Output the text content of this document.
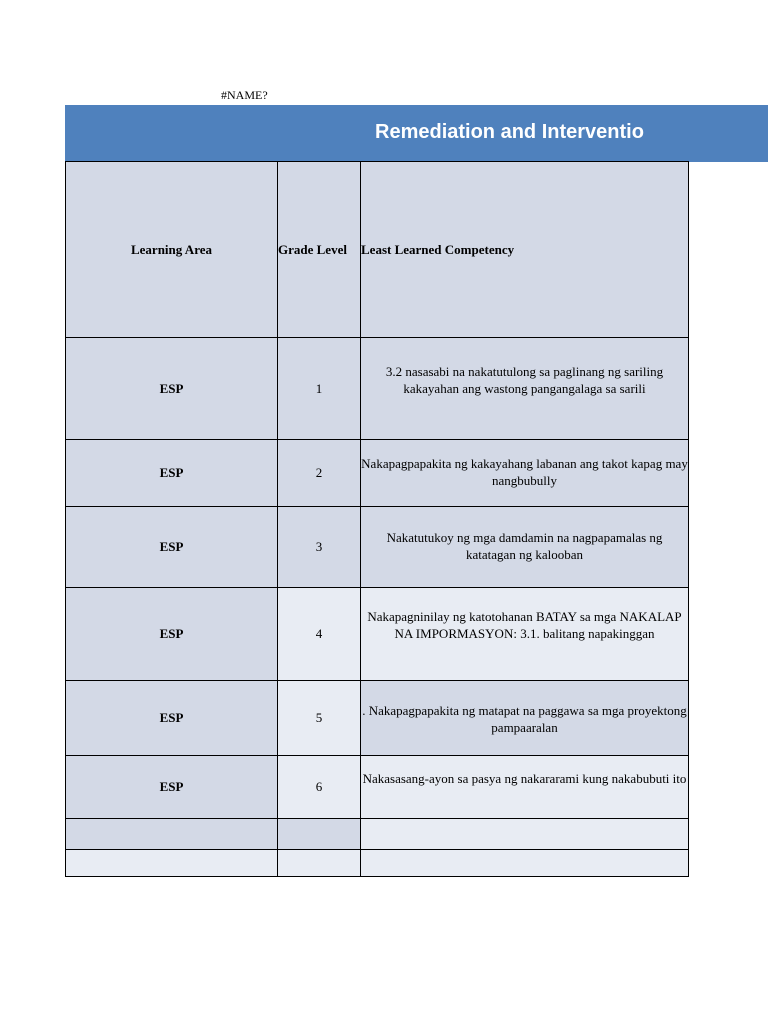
#NAME?
Remediation and Interventio
Learning Area	Grade Level	Least Learned Competency
ESP	1	3.2 nasasabi na nakatutulong sa paglinang ng sariling kakayahan ang wastong pangangalaga sa sarili

ESP	2	Nakapagpapakita ng kakayahang labanan ang takot kapag may nangbubully

ESP	3	Nakatutukoy ng mga damdamin na nagpapamalas ng katatagan ng kalooban

ESP	4	Nakapagninilay ng katotohanan BATAY sa mga NAKALAP NA IMPORMASYON: 3.1. balitang napakinggan

ESP	5	. Nakapagpapakita ng matapat na paggawa sa mga proyektong pampaaralan

ESP	6	Nakasasang-ayon sa pasya ng nakararami kung nakabubuti ito
